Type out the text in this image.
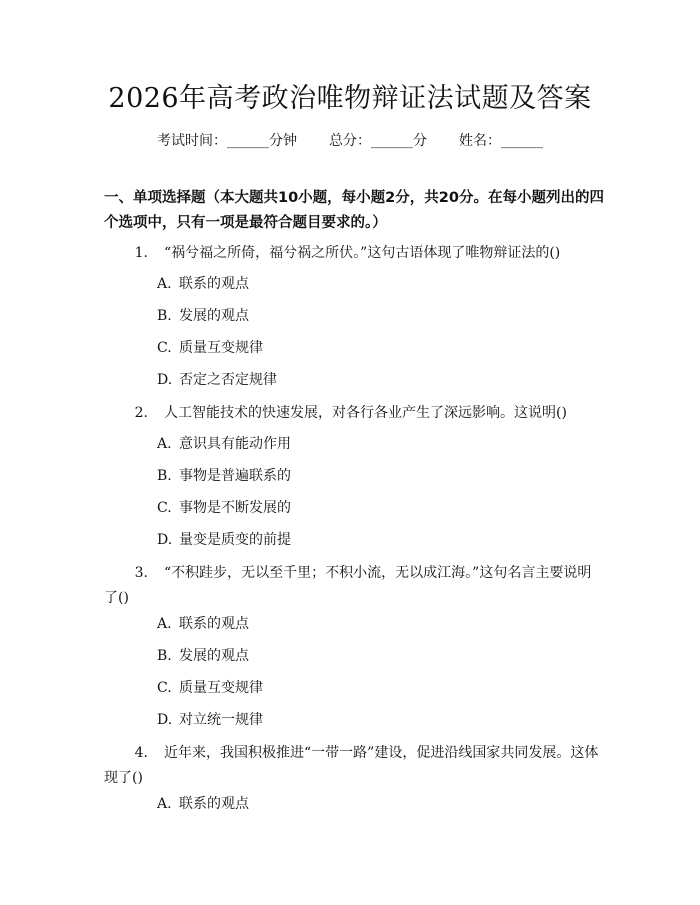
2026年高考政治唯物辩证法试题及答案
考试时间：______分钟 总分：______分 姓名：______
一、单项选择题（本大题共10小题，每小题2分，共20分。在每小题列出的四个选项中，只有一项是最符合题目要求的。）
1. “祸兮福之所倚，福兮祸之所伏。”这句古语体现了唯物辩证法的()
A. 联系的观点
B. 发展的观点
C. 质量互变规律
D. 否定之否定规律
2. 人工智能技术的快速发展，对各行各业产生了深远影响。这说明()
A. 意识具有能动作用
B. 事物是普遍联系的
C. 事物是不断发展的
D. 量变是质变的前提
3. “不积跬步，无以至千里；不积小流，无以成江海。”这句名言主要说明了()
A. 联系的观点
B. 发展的观点
C. 质量互变规律
D. 对立统一规律
4. 近年来，我国积极推进“一带一路”建设，促进沿线国家共同发展。这体现了()
A. 联系的观点
